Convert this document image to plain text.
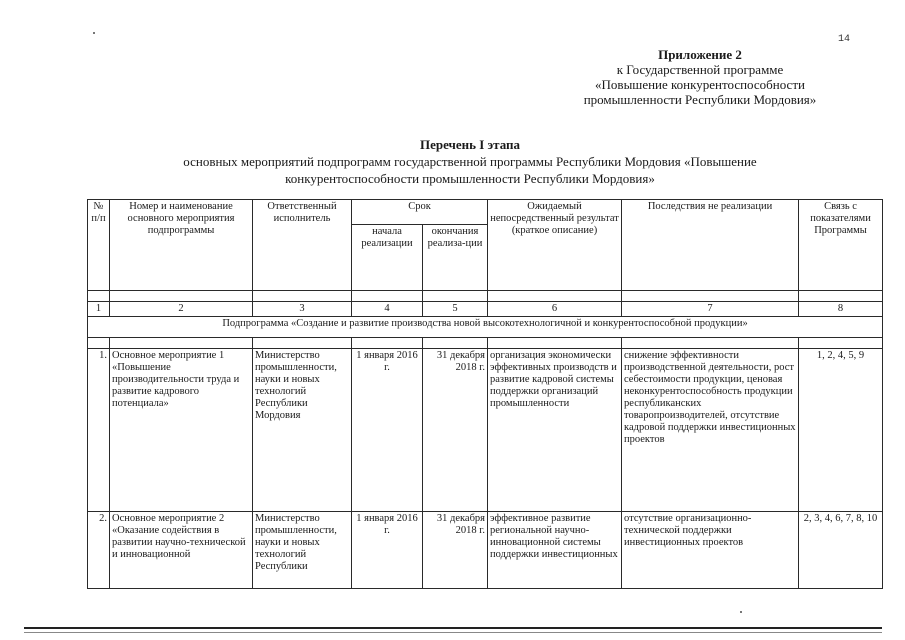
14
Приложение 2
к Государственной программе
«Повышение конкурентоспособности
промышленности Республики Мордовия»
Перечень I этапа
основных мероприятий подпрограмм государственной программы Республики Мордовия «Повышение
конкурентоспособности промышленности Республики Мордовия»
№ п/п	Номер и наименование основного мероприятия подпрограммы	Ответственный исполнитель	Срок		Ожидаемый непосредственный результат (краткое описание)	Последствия не реализации	Связь с показателями Программы
			начала реализации	окончания реализа-ции			

1	2	3	4	5	6	7	8
Подпрограмма «Создание и развитие производства новой высокотехнологичной и конкурентоспособной продукции»							

1.	Основное мероприятие 1 «Повышение производительности труда и развитие кадрового потенциала»	Министерство промышленности, науки и новых технологий Республики Мордовия	1 января 2016 г.	31 декабря 2018 г.	организация экономически эффективных производств и развитие кадровой системы поддержки организаций промышленности	снижение эффективности производственной деятельности, рост себестоимости продукции, ценовая неконкурентоспособность продукции республиканских товаропроизводителей, отсутствие кадровой поддержки инвестиционных проектов	1, 2, 4, 5, 9
2.	Основное мероприятие 2 «Оказание содействия в развитии научно-технической и инновационной	Министерство промышленности, науки и новых технологий Республики	1 января 2016 г.	31 декабря 2018 г.	эффективное развитие региональной научно-инновационной системы поддержки инвестиционных	отсутствие организационно-технической поддержки инвестиционных проектов	2, 3, 4, 6, 7, 8, 10
